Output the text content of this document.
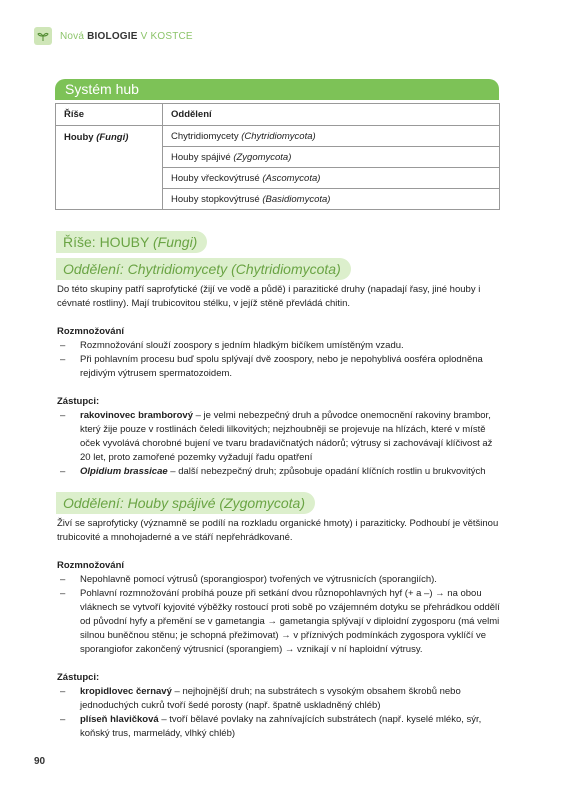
Nová BIOLOGIE V KOSTCE
Systém hub
Říše	Oddělení
Houby (Fungi)	Chytridiomycety (Chytridiomycota)
	Houby spájivé (Zygomycota)
	Houby vřeckovýtrusé (Ascomycota)
	Houby stopkovýtrusé (Basidiomycota)
Říše: HOUBY (Fungi)
Oddělení: Chytridiomycety (Chytridiomycota)

Do této skupiny patří saprofytické (žijí ve vodě a půdě) i parazitické druhy (napadají řasy, jiné houby i cévnaté rostliny). Mají trubicovitou stélku, v jejíž stěně převládá chitin.

Rozmnožování

– Rozmnožování slouží zoospory s jedním hladkým bičíkem umístěným vzadu.
– Při pohlavním procesu buď spolu splývají dvě zoospory, nebo je nepohyblivá oosféra oplodněna rejdivým výtrusem spermatozoidem.

Zástupci:

– rakovinovec bramborový – je velmi nebezpečný druh a původce onemocnění rakoviny brambor, který žije pouze v rostlinách čeledi lilkovitých; nejzhoubněji se projevuje na hlízách, které v místě oček vyvolává chorobné bujení ve tvaru bradavičnatých nádorů; výtrusy si zachovávají klíčivost až 20 let, proto zamořené pozemky vyžadují řadu opatření
– Olpidium brassicae – další nebezpečný druh; způsobuje opadání klíčních rostlin u brukvovitých
Oddělení: Houby spájivé (Zygomycota)

Živí se saprofyticky (významně se podílí na rozkladu organické hmoty) i paraziticky. Podhoubí je většinou trubicovité a mnohojaderné a ve stáří nepřehrádkované.

Rozmnožování

– Nepohlavně pomocí výtrusů (sporangiospor) tvořených ve výtrusnicích (sporangiích).
– Pohlavní rozmnožování probíhá pouze při setkání dvou různopohlavných hyf (+ a –) → na obou vláknech se vytvoří kyjovité výběžky rostoucí proti sobě po vzájemném dotyku se přehrádkou oddělí od původní hyfy a přemění se v gametangia → gametangia splývají v diploidní zygosporu (má velmi silnou buněčnou stěnu; je schopná přežimovat) → v příznivých podmínkách zygospora vyklíčí ve sporangiofor zakončený výtrusnicí (sporangiem) → vznikají v ní haploidní výtrusy.

Zástupci:

– kropidlovec černavý – nejhojnější druh; na substrátech s vysokým obsahem škrobů nebo jednoduchých cukrů tvoří šedé porosty (např. špatně uskladněný chléb)
– plíseň hlavičková – tvoří bělavé povlaky na zahnívajících substrátech (např. kyselé mléko, sýr, koňský trus, marmelády, vlhký chléb)
90
